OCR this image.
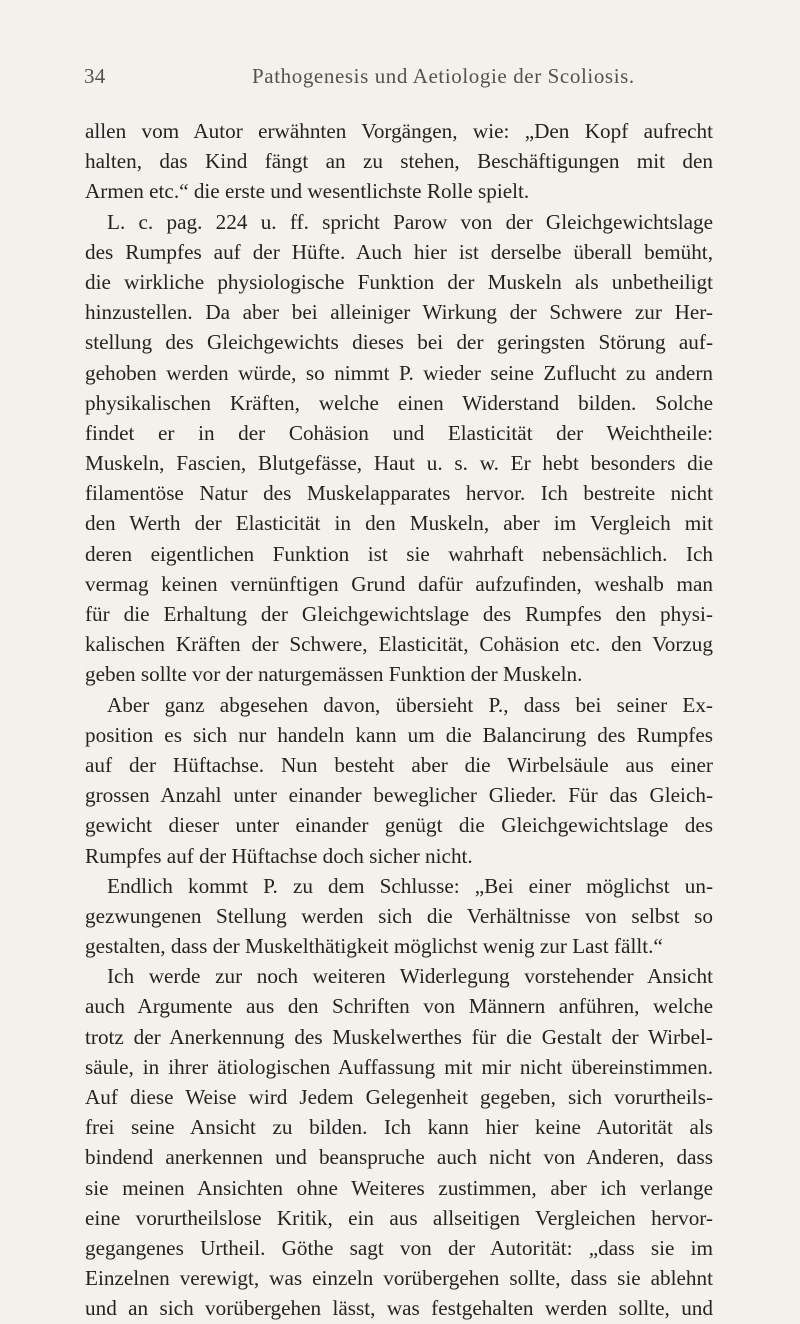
34	Pathogenesis und Aetiologie der Scoliosis.
allen vom Autor erwähnten Vorgängen, wie: „Den Kopf aufrecht
halten, das Kind fängt an zu stehen, Beschäftigungen mit den
Armen etc.“ die erste und wesentlichste Rolle spielt.
L. c. pag. 224 u. ff. spricht Parow von der Gleichgewichtslage
des Rumpfes auf der Hüfte. Auch hier ist derselbe überall bemüht,
die wirkliche physiologische Funktion der Muskeln als unbetheiligt
hinzustellen. Da aber bei alleiniger Wirkung der Schwere zur Her-
stellung des Gleichgewichts dieses bei der geringsten Störung auf-
gehoben werden würde, so nimmt P. wieder seine Zuflucht zu andern
physikalischen Kräften, welche einen Widerstand bilden. Solche
findet er in der Cohäsion und Elasticität der Weichtheile:
Muskeln, Fascien, Blutgefässe, Haut u. s. w. Er hebt besonders die
filamentöse Natur des Muskelapparates hervor. Ich bestreite nicht
den Werth der Elasticität in den Muskeln, aber im Vergleich mit
deren eigentlichen Funktion ist sie wahrhaft nebensächlich. Ich
vermag keinen vernünftigen Grund dafür aufzufinden, weshalb man
für die Erhaltung der Gleichgewichtslage des Rumpfes den physi-
kalischen Kräften der Schwere, Elasticität, Cohäsion etc. den Vorzug
geben sollte vor der naturgemässen Funktion der Muskeln.
Aber ganz abgesehen davon, übersieht P., dass bei seiner Ex-
position es sich nur handeln kann um die Balancirung des Rumpfes
auf der Hüftachse. Nun besteht aber die Wirbelsäule aus einer
grossen Anzahl unter einander beweglicher Glieder. Für das Gleich-
gewicht dieser unter einander genügt die Gleichgewichtslage des
Rumpfes auf der Hüftachse doch sicher nicht.
Endlich kommt P. zu dem Schlusse: „Bei einer möglichst un-
gezwungenen Stellung werden sich die Verhältnisse von selbst so
gestalten, dass der Muskelthätigkeit möglichst wenig zur Last fällt.“
Ich werde zur noch weiteren Widerlegung vorstehender Ansicht
auch Argumente aus den Schriften von Männern anführen, welche
trotz der Anerkennung des Muskelwerthes für die Gestalt der Wirbel-
säule, in ihrer ätiologischen Auffassung mit mir nicht übereinstimmen.
Auf diese Weise wird Jedem Gelegenheit gegeben, sich vorurtheils-
frei seine Ansicht zu bilden. Ich kann hier keine Autorität als
bindend anerkennen und beanspruche auch nicht von Anderen, dass
sie meinen Ansichten ohne Weiteres zustimmen, aber ich verlange
eine vorurtheilslose Kritik, ein aus allseitigen Vergleichen hervor-
gegangenes Urtheil. Göthe sagt von der Autorität: „dass sie im
Einzelnen verewigt, was einzeln vorübergehen sollte, dass sie ablehnt
und an sich vorübergehen lässt, was festgehalten werden sollte, und
